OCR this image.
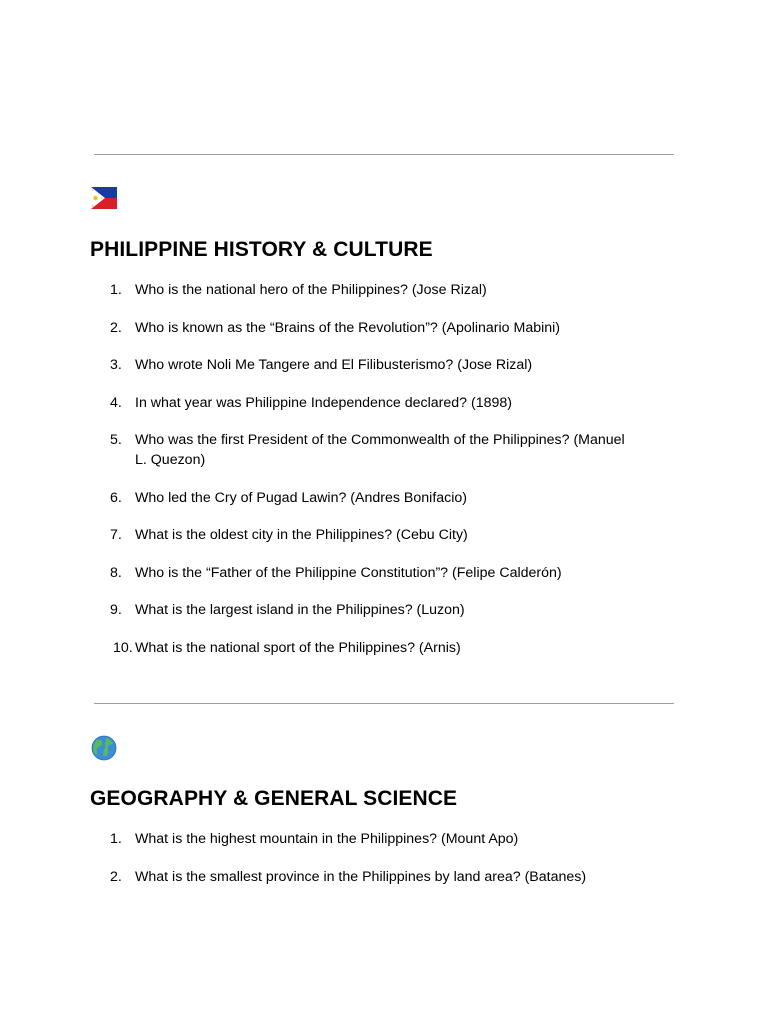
PHILIPPINE HISTORY & CULTURE
1. Who is the national hero of the Philippines? (Jose Rizal)
2. Who is known as the “Brains of the Revolution”? (Apolinario Mabini)
3. Who wrote Noli Me Tangere and El Filibusterismo? (Jose Rizal)
4. In what year was Philippine Independence declared? (1898)
5. Who was the first President of the Commonwealth of the Philippines? (Manuel L. Quezon)
6. Who led the Cry of Pugad Lawin? (Andres Bonifacio)
7. What is the oldest city in the Philippines? (Cebu City)
8. Who is the “Father of the Philippine Constitution”? (Felipe Calderón)
9. What is the largest island in the Philippines? (Luzon)
10. What is the national sport of the Philippines? (Arnis)
GEOGRAPHY & GENERAL SCIENCE
1. What is the highest mountain in the Philippines? (Mount Apo)
2. What is the smallest province in the Philippines by land area? (Batanes)
